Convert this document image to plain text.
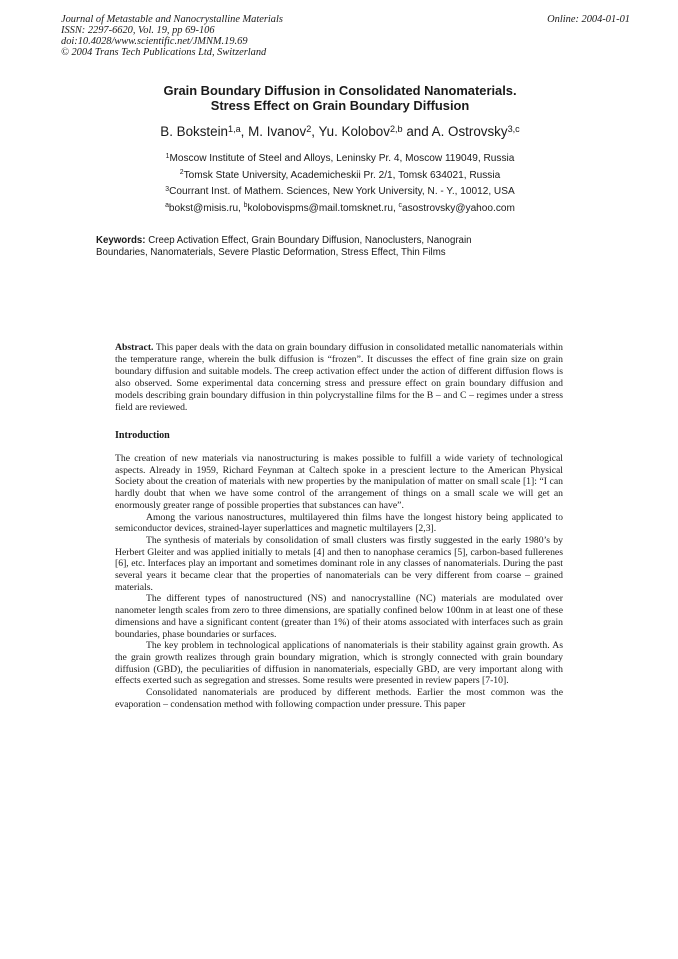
Journal of Metastable and Nanocrystalline Materials
ISSN: 2297-6620, Vol. 19, pp 69-106
doi:10.4028/www.scientific.net/JMNM.19.69
© 2004 Trans Tech Publications Ltd, Switzerland
Online: 2004-01-01
Grain Boundary Diffusion in Consolidated Nanomaterials.
Stress Effect on Grain Boundary Diffusion
B. Bokstein$^{1,a}$, M. Ivanov$^2$, Yu. Kolobov$^{2,b}$ and A. Ostrovsky$^{3,c}$
$^1$Moscow Institute of Steel and Alloys, Leninsky Pr. 4, Moscow 119049, Russia
$^2$Tomsk State University, Academicheskii Pr. 2/1, Tomsk 634021, Russia
$^3$Courrant Inst. of Mathem. Sciences, New York University, N. - Y., 10012, USA
$^a$bokst@misis.ru, $^b$kolobovispms@mail.tomsknet.ru, $^c$asostrovsky@yahoo.com
Keywords: Creep Activation Effect, Grain Boundary Diffusion, Nanoclusters, Nanograin Boundaries, Nanomaterials, Severe Plastic Deformation, Stress Effect, Thin Films
Abstract. This paper deals with the data on grain boundary diffusion in consolidated metallic nanomaterials within the temperature range, wherein the bulk diffusion is “frozen”. It discusses the effect of fine grain size on grain boundary diffusion and suitable models. The creep activation effect under the action of different diffusion flows is also observed. Some experimental data concerning stress and pressure effect on grain boundary diffusion and models describing grain boundary diffusion in thin polycrystalline films for the B – and C – regimes under a stress field are reviewed.
Introduction

The creation of new materials via nanostructuring is makes possible to fulfill a wide variety of technological aspects. Already in 1959, Richard Feynman at Caltech spoke in a prescient lecture to the American Physical Society about the creation of materials with new properties by the manipulation of matter on small scale [1]: “I can hardly doubt that when we have some control of the arrangement of things on a small scale we will get an enormously greater range of possible properties that substances can have”.

Among the various nanostructures, multilayered thin films have the longest history being applicated to semiconductor devices, strained-layer superlattices and magnetic multilayers [2,3].

The synthesis of materials by consolidation of small clusters was firstly suggested in the early 1980’s by Herbert Gleiter and was applied initially to metals [4] and then to nanophase ceramics [5], carbon-based fullerenes [6], etc. Interfaces play an important and sometimes dominant role in any classes of nanomaterials. During the past several years it became clear that the properties of nanomaterials can be very different from coarse – grained materials.

The different types of nanostructured (NS) and nanocrystalline (NC) materials are modulated over nanometer length scales from zero to three dimensions, are spatially confined below 100nm in at least one of these dimensions and have a significant content (greater than 1%) of their atoms associated with interfaces such as grain boundaries, phase boundaries or surfaces.

The key problem in technological applications of nanomaterials is their stability against grain growth. As the grain growth realizes through grain boundary migration, which is strongly connected with grain boundary diffusion (GBD), the peculiarities of diffusion in nanomaterials, especially GBD, are very important along with effects exerted such as segregation and stresses. Some results were presented in review papers [7-10].

Consolidated nanomaterials are produced by different methods. Earlier the most common was the evaporation – condensation method with following compaction under pressure. This paper
